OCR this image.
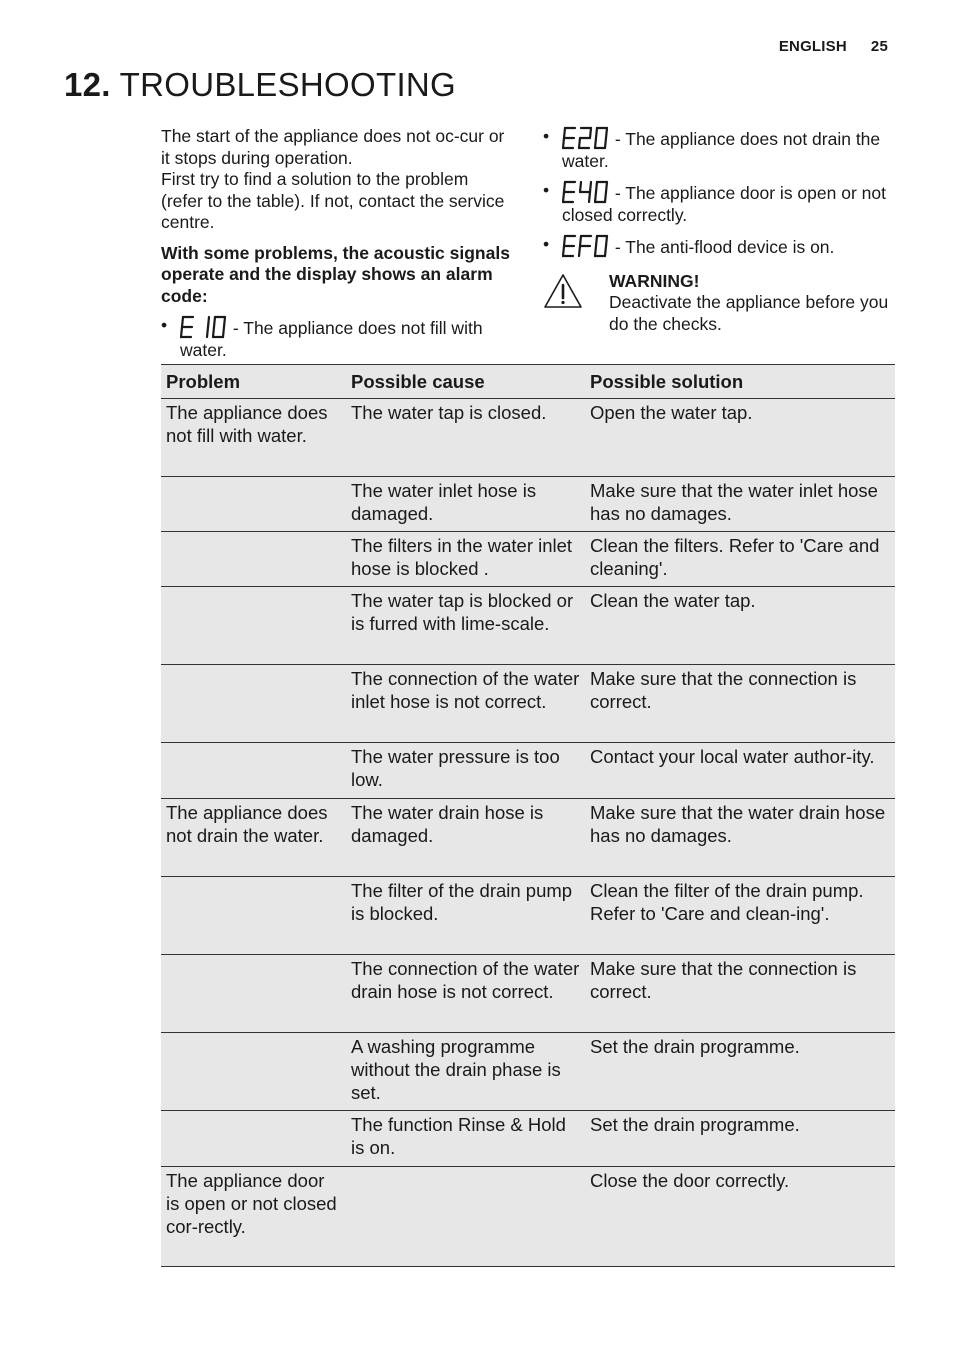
ENGLISH 25
12. TROUBLESHOOTING

The start of the appliance does not oc-cur or it stops during operation.

First try to find a solution to the problem (refer to the table). If not, contact the service centre.

With some problems, the acoustic signals operate and the display shows an alarm code:

•	- The appliance does not fill with water.
•	- The appliance does not drain the water.
•	- The appliance door is open or not closed correctly.
•	- The anti-flood device is on.
WARNING!
Deactivate the appliance before you do the checks.
Problem	Possible cause	Possible solution
The appliance does not fill with water.	The water tap is closed.	Open the water tap.
	The water inlet hose is damaged.	Make sure that the water inlet hose has no damages.
	The filters in the water inlet hose is blocked .	Clean the filters. Refer to 'Care and cleaning'.
	The water tap is blocked or is furred with lime-scale.	Clean the water tap.
	The connection of the water inlet hose is not correct.	Make sure that the connection is correct.
	The water pressure is too low.	Contact your local water author-ity.
The appliance does not drain the water.	The water drain hose is damaged.	Make sure that the water drain hose has no damages.
	The filter of the drain pump is blocked.	Clean the filter of the drain pump. Refer to 'Care and clean-ing'.
	The connection of the water drain hose is not correct.	Make sure that the connection is correct.
	A washing programme without the drain phase is set.	Set the drain programme.
	The function Rinse & Hold is on.	Set the drain programme.
The appliance door is open or not closed cor-rectly.		Close the door correctly.
